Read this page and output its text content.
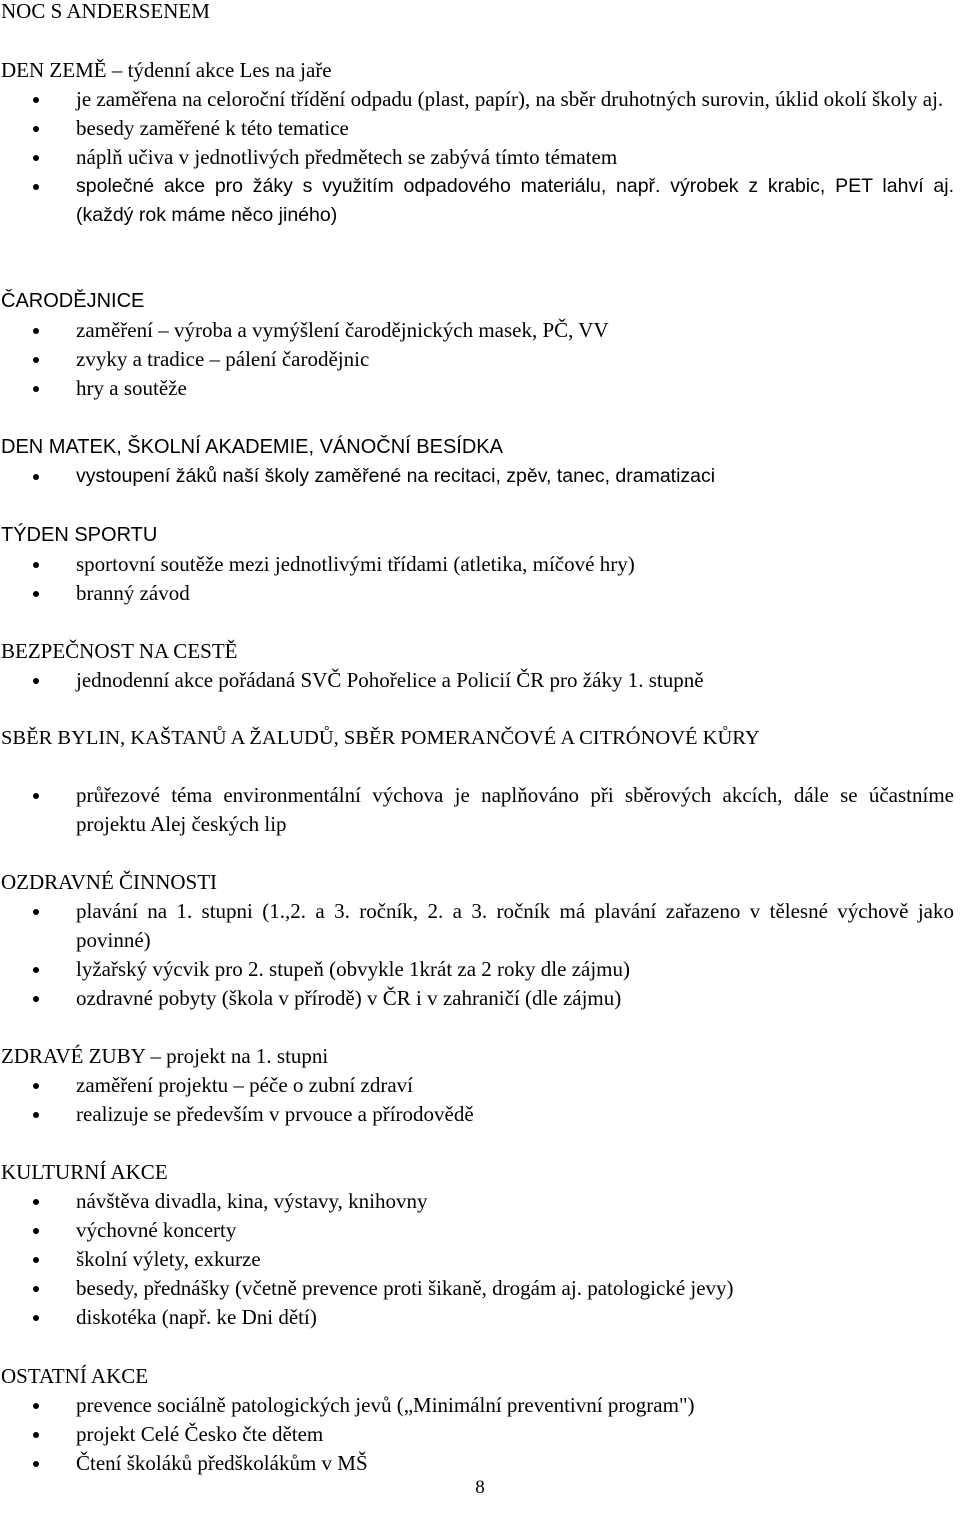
NOC S ANDERSENEM
DEN ZEMĚ – týdenní akce Les na jaře
je zaměřena na celoroční třídění odpadu (plast, papír), na sběr druhotných surovin, úklid okolí školy aj.
besedy zaměřené k této tematice
náplň učiva v jednotlivých předmětech se zabývá tímto tématem
společné akce pro žáky s využitím odpadového materiálu, např. výrobek z krabic, PET lahví aj. (každý rok máme něco jiného)
ČARODĚJNICE
zaměření – výroba a vymýšlení čarodějnických masek, PČ, VV
zvyky a tradice – pálení čarodějnic
hry a soutěže
DEN MATEK, ŠKOLNÍ AKADEMIE, VÁNOČNÍ BESÍDKA
vystoupení žáků naší školy zaměřené na recitaci, zpěv, tanec, dramatizaci
TÝDEN SPORTU
sportovní soutěže mezi jednotlivými třídami (atletika, míčové hry)
branný závod
BEZPEČNOST NA CESTĚ
jednodenní akce pořádaná SVČ Pohořelice a Policií ČR pro žáky 1. stupně
SBĚR BYLIN, KAŠTANŮ A ŽALUDŮ, SBĚR POMERANČOVÉ A CITRÓNOVÉ KŮRY
průřezové téma environmentální výchova je naplňováno při sběrových akcích, dále se účastníme projektu Alej českých lip
OZDRAVNÉ ČINNOSTI
plavání na 1. stupni (1.,2. a 3. ročník, 2. a 3. ročník má plavání zařazeno v tělesné výchově jako povinné)
lyžařský výcvik pro 2. stupeň (obvykle 1krát za 2 roky dle zájmu)
ozdravné pobyty (škola v přírodě) v ČR i v zahraničí (dle zájmu)
ZDRAVÉ ZUBY – projekt na 1. stupni
zaměření projektu – péče o zubní zdraví
realizuje se především v prvouce a přírodovědě
KULTURNÍ AKCE
návštěva divadla, kina, výstavy, knihovny
výchovné koncerty
školní výlety, exkurze
besedy, přednášky (včetně prevence proti šikaně, drogám aj. patologické jevy)
diskotéka (např. ke Dni dětí)
OSTATNÍ AKCE
prevence sociálně patologických jevů („Minimální preventivní program")
projekt Celé Česko čte dětem
Čtení školáků předškolákům v MŠ
8
